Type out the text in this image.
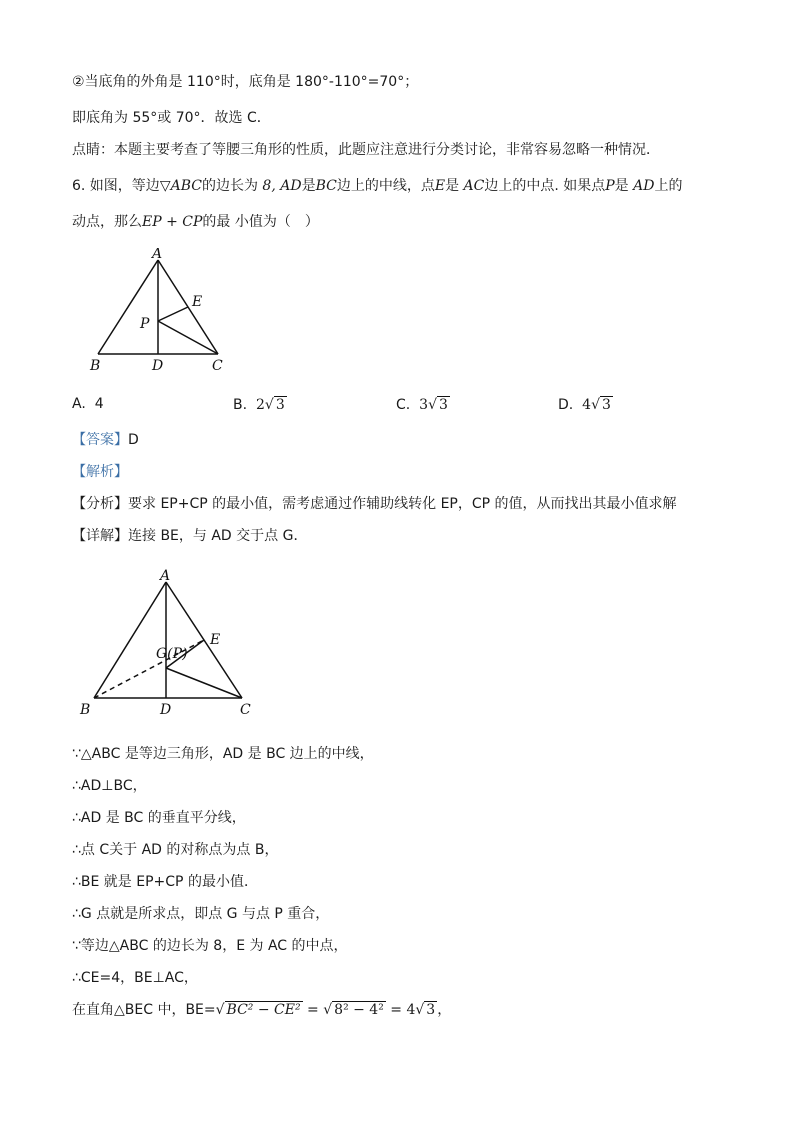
②当底角的外角是 110°时，底角是 180°-110°=70°；
即底角为 55°或 70°．故选 C．
点睛：本题主要考查了等腰三角形的性质，此题应注意进行分类讨论，非常容易忽略一种情况．
6. 如图，等边▽ABC的边长为 8, AD是BC边上的中线，点E是 AC边上的中点. 如果点P是 AD上的
动点，那么EP + CP的最 小值为（　）
A
B	D	C
E
P
A. 4	B. 2√ 3	C. 3√ 3	D. 4√ 3
【答案】D
【解析】
【分析】要求 EP+CP 的最小值，需考虑通过作辅助线转化 EP，CP 的值，从而找出其最小值求解
【详解】连接 BE，与 AD 交于点 G．
A
B	D	C
E
G(P)
∵△ABC 是等边三角形，AD 是 BC 边上的中线，
∴AD⊥BC，
∴AD 是 BC 的垂直平分线，
∴点 C关于 AD 的对称点为点 B，
∴BE 就是 EP+CP 的最小值．
∴G 点就是所求点，即点 G 与点 P 重合，
∵等边△ABC 的边长为 8，E 为 AC 的中点，
∴CE=4，BE⊥AC，
在直角△BEC 中，BE=√ BC² − CE² = √ 8² − 4² = 4√ 3 ，
